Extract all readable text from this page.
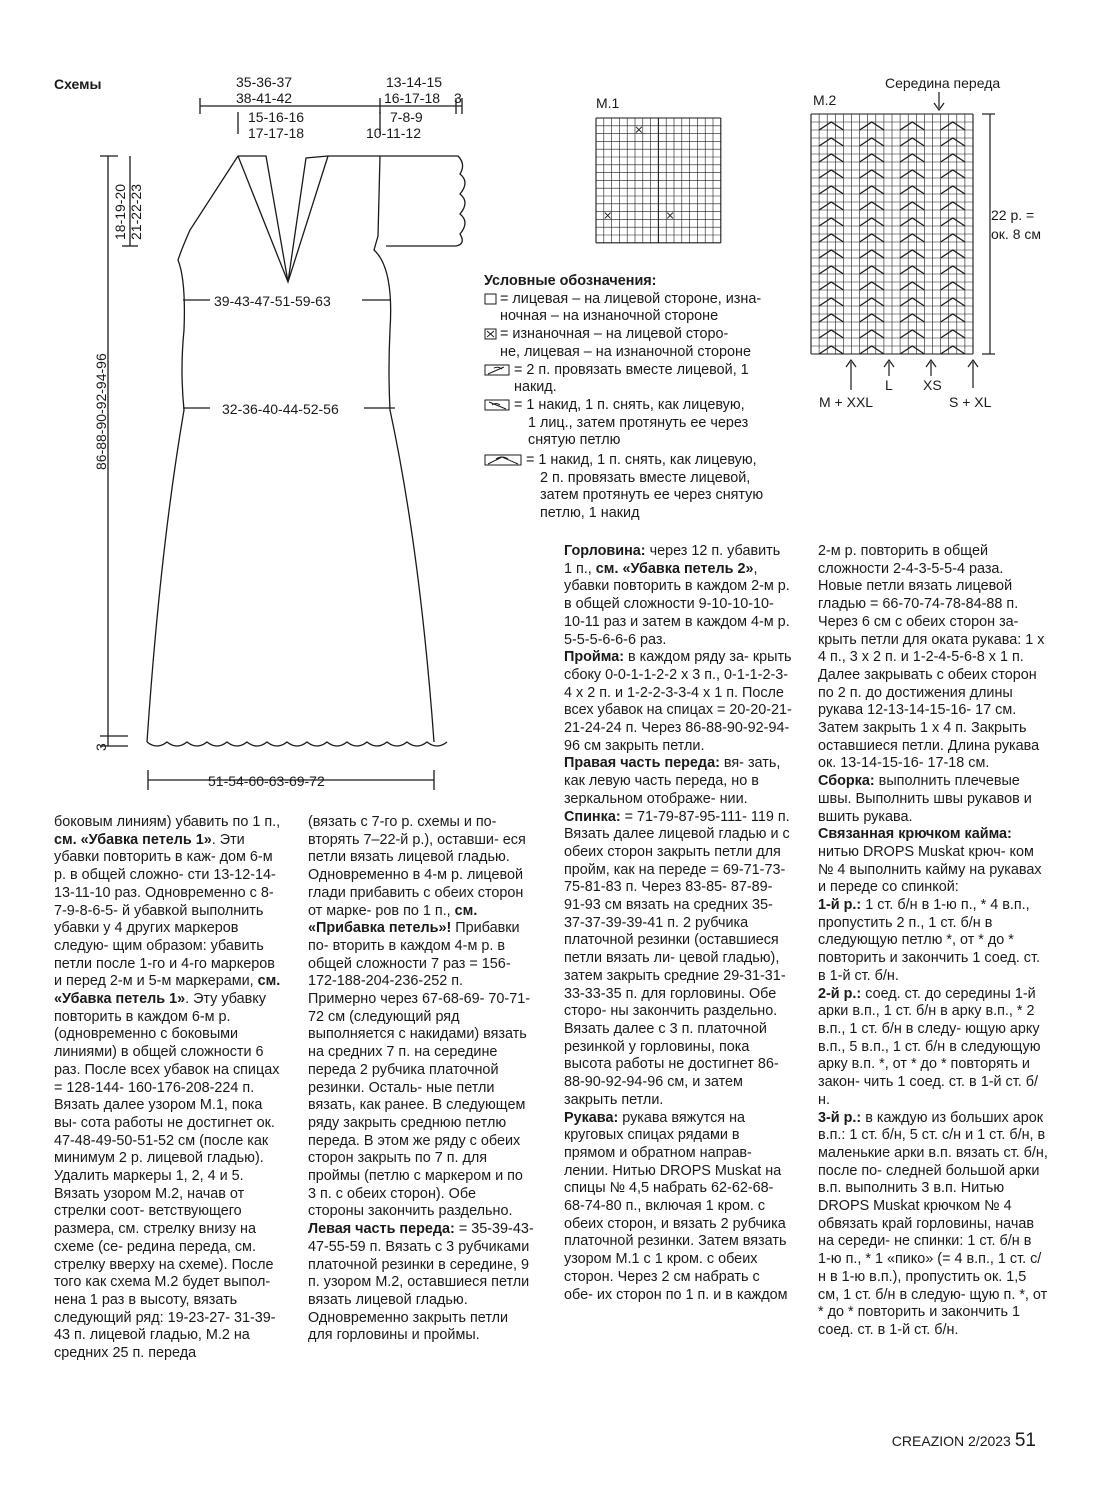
Схемы	35-36-37
38-41-42
15-16-16
17-17-18
13-14-15
16-17-18 3
7-8-9
10-11-12
39-43-47-51-59-63
32-36-40-44-52-56
51-54-60-63-69-72
18-19-20 21-22-23
86-88-90-92-94-96
3
M.1
Середина переда
M.2
22 р. =
ок. 8 см
M + XXL
L XS
S + XL
Условные обозначения:
= лицевая – на лицевой стороне, изна-
ночная – на изнаночной стороне
= изнаночная – на лицевой сторо-
не, лицевая – на изнаночной стороне
= 2 п. провязать вместе лицевой, 1
накид.
= 1 накид, 1 п. снять, как лицевую,
1 лиц., затем протянуть ее через
снятую петлю
= 1 накид, 1 п. снять, как лицевую,
2 п. провязать вместе лицевой,
затем протянуть ее через снятую
петлю, 1 накид

боковым линиям) убавить по 1 п., см. «Убавка петель 1». Эти убавки повторить в каж- дом 6-м р. в общей сложно- сти 13-12-14-13-11-10 раз. Одновременно с 8-7-9-8-6-5- й убавкой выполнить убавки у 4 других маркеров следую- щим образом: убавить петли после 1-го и 4-го маркеров и перед 2-м и 5-м маркерами, см. «Убавка петель 1». Эту убавку повторить в каждом 6-м р. (одновременно с боковыми линиями) в общей сложности 6 раз. После всех убавок на спицах = 128-144- 160-176-208-224 п. Вязать далее узором М.1, пока вы- сота работы не достигнет ок. 47-48-49-50-51-52 см (после как минимум 2 р. лицевой гладью). Удалить маркеры 1, 2, 4 и 5. Вязать узором М.2, начав от стрелки соот- ветствующего размера, см. стрелку внизу на схеме (се- редина переда, см. стрелку вверху на схеме). После того как схема М.2 будет выпол- нена 1 раз в высоту, вязать следующий ряд: 19-23-27- 31-39-43 п. лицевой гладью, М.2 на средних 25 п. переда

(вязать с 7-го р. схемы и по- вторять 7–22-й р.), оставши- еся петли вязать лицевой гладью. Одновременно в 4-м р. лицевой глади прибавить с обеих сторон от марке- ров по 1 п., см. «Прибавка петель»! Прибавки по- вторить в каждом 4-м р. в общей сложности 7 раз = 156-172-188-204-236-252 п. Примерно через 67-68-69- 70-71-72 см (следующий ряд выполняется с накидами) вязать на средних 7 п. на середине переда 2 рубчика платочной резинки. Осталь- ные петли вязать, как ранее. В следующем ряду закрыть среднюю петлю переда. В этом же ряду с обеих сторон закрыть по 7 п. для проймы (петлю с маркером и по 3 п. с обеих сторон). Обе стороны закончить раздельно.

Левая часть переда: = 35-39-43-47-55-59 п. Вязать с 3 рубчиками платочной резинки в середине, 9 п. узором М.2, оставшиеся петли вязать лицевой гладью. Одновременно закрыть петли для горловины и проймы.

Горловина: через 12 п. убавить 1 п., см. «Убавка петель 2», убавки повторить в каждом 2-м р. в общей сложности 9-10-10-10-10-11 раз и затем в каждом 4-м р. 5-5-5-6-6-6 раз.

Пройма: в каждом ряду за- крыть сбоку 0-0-1-1-2-2 х 3 п., 0-1-1-2-3-4 х 2 п. и 1-2-2-3-3-4 х 1 п. После всех убавок на спицах = 20-20-21-21-24-24 п. Через 86-88-90-92-94-96 см закрыть петли.

Правая часть переда: вя- зать, как левую часть переда, но в зеркальном отображе- нии.

Спинка: = 71-79-87-95-111- 119 п. Вязать далее лицевой гладью и с обеих сторон закрыть петли для пройм, как на переде = 69-71-73- 75-81-83 п. Через 83-85- 87-89-91-93 см вязать на средних 35-37-37-39-39-41 п. 2 рубчика платочной резинки (оставшиеся петли вязать ли- цевой гладью), затем закрыть средние 29-31-31-33-33-35 п. для горловины. Обе сторо- ны закончить раздельно. Вязать далее с 3 п. платочной резинкой у горловины, пока высота работы не достигнет 86-88-90-92-94-96 см, и затем закрыть петли.

Рукава: рукава вяжутся на круговых спицах рядами в прямом и обратном направ- лении. Нитью DROPS Muskat на спицы № 4,5 набрать 62-62-68-68-74-80 п., включая 1 кром. с обеих сторон, и вязать 2 рубчика платочной резинки. Затем вязать узором М.1 с 1 кром. с обеих сторон. Через 2 см набрать с обе- их сторон по 1 п. и в каждом

2-м р. повторить в общей сложности 2-4-3-5-5-4 раза. Новые петли вязать лицевой гладью = 66-70-74-78-84-88 п. Через 6 см с обеих сторон за- крыть петли для оката рукава: 1 х 4 п., 3 х 2 п. и 1-2-4-5-6-8 х 1 п. Далее закрывать с обеих сторон по 2 п. до достижения длины рукава 12-13-14-15-16- 17 см. Затем закрыть 1 х 4 п. Закрыть оставшиеся петли. Длина рукава ок. 13-14-15-16- 17-18 см.

Сборка: выполнить плечевые швы. Выполнить швы рукавов и вшить рукава.

Связанная крючком кайма: нитью DROPS Muskat крюч- ком № 4 выполнить кайму на рукавах и переде со спинкой:

1-й р.: 1 ст. б/н в 1-ю п., * 4 в.п., пропустить 2 п., 1 ст. б/н в следующую петлю *, от * до * повторить и закончить 1 соед. ст. в 1-й ст. б/н.

2-й р.: соед. ст. до середины 1-й арки в.п., 1 ст. б/н в арку в.п., * 2 в.п., 1 ст. б/н в следу- ющую арку в.п., 5 в.п., 1 ст. б/н в следующую арку в.п. *, от * до * повторять и закон- чить 1 соед. ст. в 1-й ст. б/н.

3-й р.: в каждую из больших арок в.п.: 1 ст. б/н, 5 ст. с/н и 1 ст. б/н, в маленькие арки в.п. вязать ст. б/н, после по- следней большой арки в.п. выполнить 3 в.п. Нитью DROPS Muskat крючком № 4 обвязать край горловины, начав на середи- не спинки: 1 ст. б/н в 1-ю п., * 1 «пико» (= 4 в.п., 1 ст. с/н в 1-ю в.п.), пропустить ок. 1,5 см, 1 ст. б/н в следую- щую п. *, от * до * повторить и закончить 1 соед. ст. в 1-й ст. б/н.

CREAZION 2/2023 51
